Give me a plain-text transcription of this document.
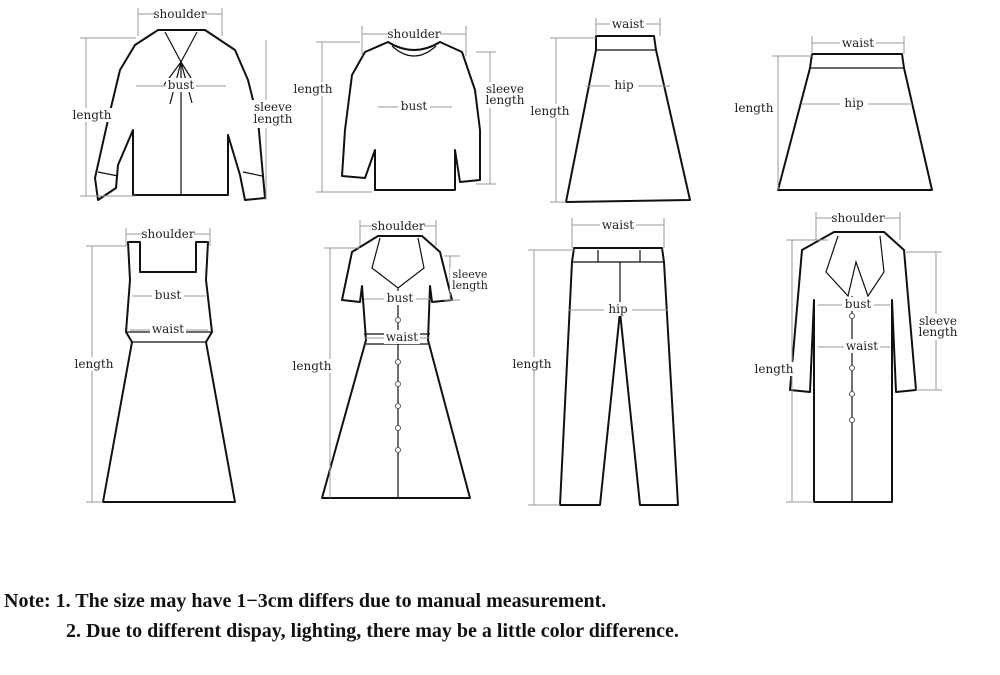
shoulder
bust
length
sleeve
length
shoulder
bust
length	sleeve
length
waist
hip
length
waist
hip
length
shoulder
bust
waist
length
shoulder
bust
waist
length
sleeve
length
waist
hip
length
shoulder
bust
waist
length
sleeve
length
Note: 1. The size may have 1−3cm differs due to manual measurement.
2. Due to different dispay, lighting, there may be a little color difference.
